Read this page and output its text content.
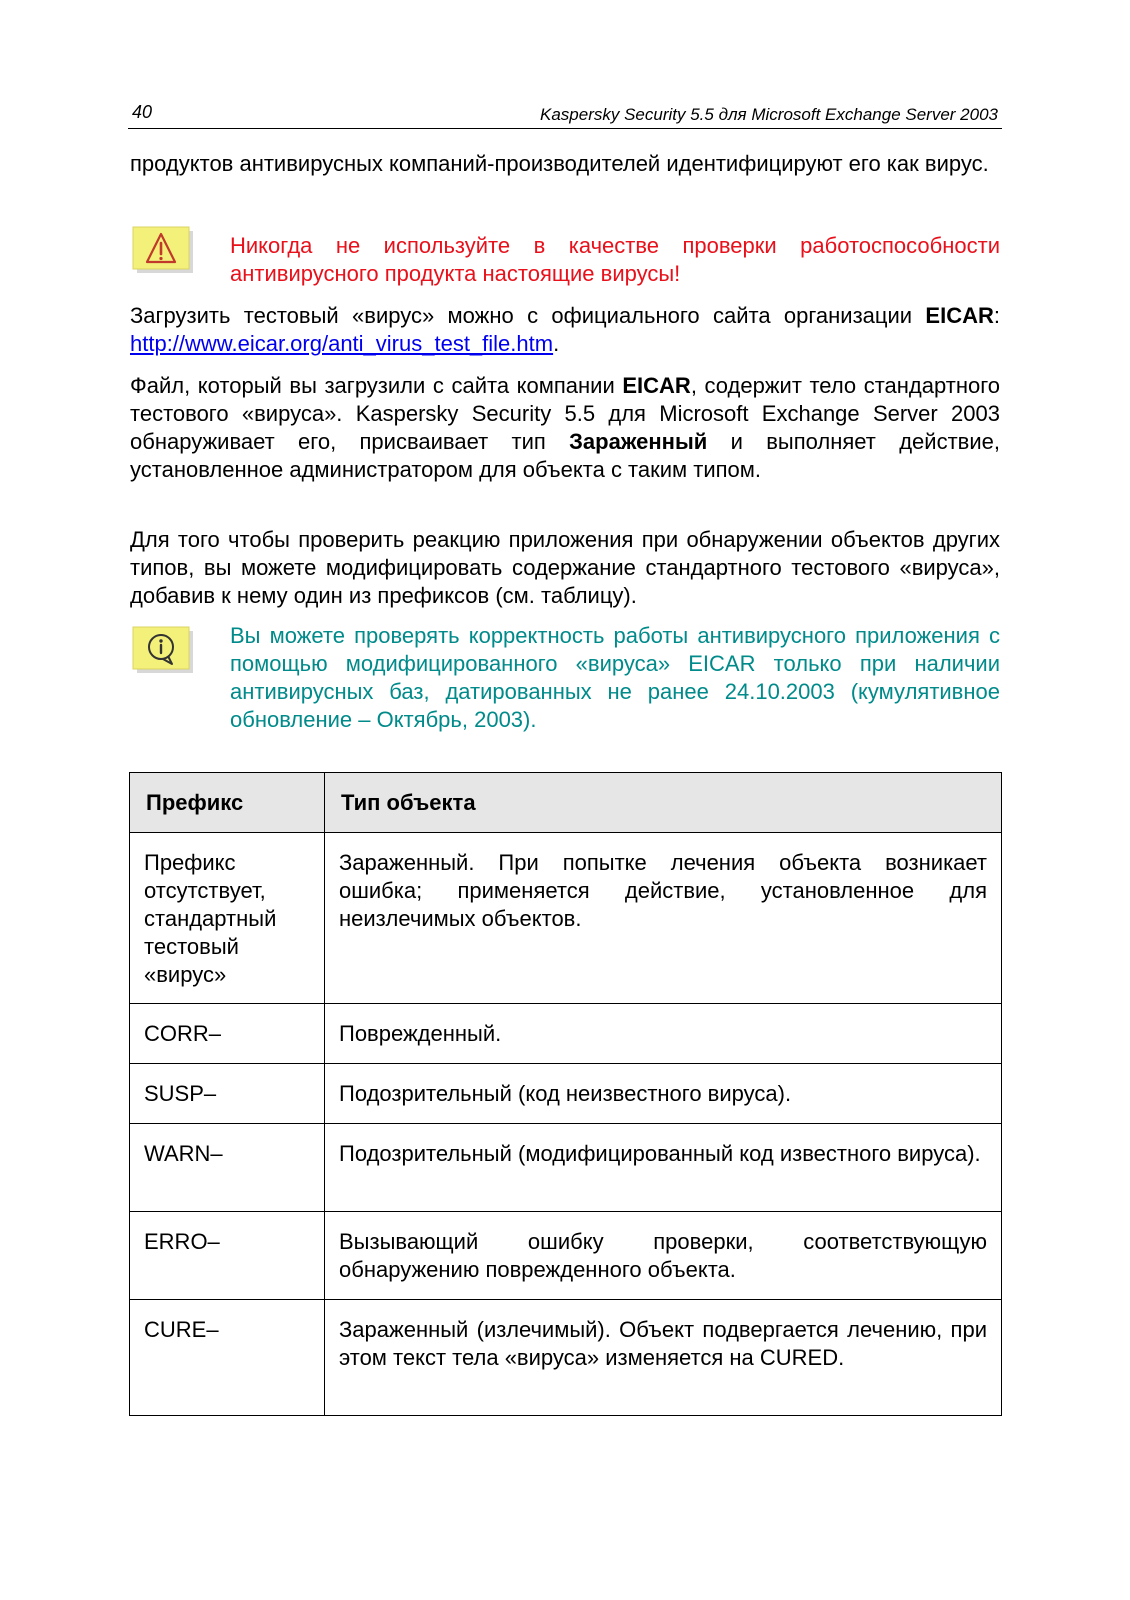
40	Kaspersky Security 5.5 для Microsoft Exchange Server 2003

продуктов антивирусных компаний-производителей идентифицируют его как вирус.

Никогда не используйте в качестве проверки работоспособности антивирусного продукта настоящие вирусы!

Загрузить тестовый «вирус» можно с официального сайта организации EICAR: http://www.eicar.org/anti_virus_test_file.htm.

Файл, который вы загрузили с сайта компании EICAR, содержит тело стандартного тестового «вируса». Kaspersky Security 5.5 для Microsoft Exchange Server 2003 обнаруживает его, присваивает тип Зараженный и выполняет действие, установленное администратором для объекта с таким типом.

Для того чтобы проверить реакцию приложения при обнаружении объектов других типов, вы можете модифицировать содержание стандартного тестового «вируса», добавив к нему один из префиксов (см. таблицу).

Вы можете проверять корректность работы антивирусного приложения с помощью модифицированного «вируса» EICAR только при наличии антивирусных баз, датированных не ранее 24.10.2003 (кумулятивное обновление – Октябрь, 2003).

Префикс	Тип объекта
Префикс отсутствует, стандартный тестовый «вирус»	Зараженный. При попытке лечения объекта возникает ошибка; применяется действие, установленное для неизлечимых объектов.
CORR–	Поврежденный.
SUSP–	Подозрительный (код неизвестного вируса).
WARN–	Подозрительный (модифицированный код известного вируса).
ERRO–	Вызывающий ошибку проверки, соответствующую обнаружению поврежденного объекта.
CURE–	Зараженный (излечимый). Объект подвергается лечению, при этом текст тела «вируса» изменяется на CURED.
